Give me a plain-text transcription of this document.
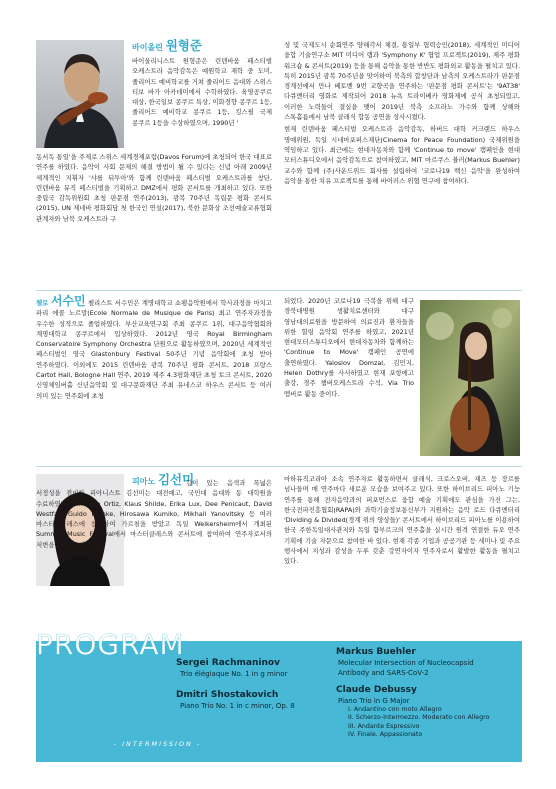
바이올린 원형준

바이올리니스트 원형준은 린덴바움 페스티벌 오케스트라 음악감독은 예원학교 재학 중 도미, 줄리어드 예비학교를 거쳐 줄리어드 음대와 스위스 티보 바가 아카데미에서 수학하였다. 육영공쿠르 대상, 한국일보 콩쿠르 특상, 이화경향 콩쿠르 1등, 줄리어드 예비학교 콩쿠르 1등, 킹스필 국제 콩쿠르 1등을 수상하였으며, 1990년 '

동서독 통일'을 주제로 스위스 세계경제포럼(Davos Forum)에 초청되어 한국 대표로 연주를 하였다. 음악이 사회 문제의 해결 방법이 될 수 있다는 신념 아래 2009년 세계적인 지휘자 '샤를 뒤투아'와 함께 린덴바움 페스티벌 오케스트라를 창단, 린덴바움 뮤직 페스티벌을 기획하고 DMZ에서 평화 콘서트를 개최하고 있다. 또한 중립국 감독위원회 초청 판문점 연주(2013), 광복 70주년 독립문 평화 콘서트(2015), UN 제네바 평화회담 첫 한국인 연설(2017), 북한 문화상 조선예술교류협회 관계자와 남북 오케스트라 구

성 및 국제도시 순회연주 양해각서 체결, 통일부 협력승인(2018), 세계적인 미디어 융합 기술연구소 MIT 미디어 랩과 'Symphony K' 협업 프로젝트(2019), 제주 평화 워크숍 & 콘서트(2019) 등을 통해 음악을 통한 반반도 평화외교 활동을 펼치고 있다. 특히 2015년 광복 70주년을 맞이하여 북측의 합창단과 남측의 오케스트라가 판문점 경계선에서 만나 베토벤 9번 교향곡을 연주하는 '판문점 평화 콘서트'는 '9AT38' 다큐멘터리 영화로 제작되어 2018 뉴욕 트라이베카 영화제에 공식 초청되었고, 이러한 노력들이 결실을 맺어 2019년 북측 소프라노 가수와 함께 상해와 스톡홀름에서 남북 클래식 합동 공연을 성사시켰다.

현재 린덴바움 페스티벌 오케스트라 음악감독, 하버드 대학 커크랜드 하우스 명예위원, 독일 시네마포퍼스재단(Cinema for Peace Foundation) 국제위원을 역임하고 있다. 최근에는 현대자동차와 함께 'Continue to move' 캠페인을 현대 모터스튜디오에서 음악감독으로 참여하였고, MIT 마르쿠스 뷸러(Markus Buehler) 교수와 함께 (주)사운드위드 회사를 설립하여 '코로나19 백신 음악'을 완성하여 음악을 통한 치유 프로젝트를 통해 바이러스 위협 연구에 참여하다.

첼로 서수민 첼리스트 서수민은 계명대학교 쇼팽음악원에서 학사과정을 마치고 파리 에콜 노르말(Ecole Normale de Musique de Paris) 최고 연주자과정을 우수한 성적으로 졸업하였다. 부산교육연구회 주최 콩쿠르 1위, 대구음악협회와 계명대학교 콩쿠르에서 입상하였다. 2012년 영국 Royal Birmingham Conservatoire Symphony Orchestra 단원으로 활동하였으며, 2020년 세계적인 페스티벌인 영국 Glastonbury Festival 50주년 기념 음악회에 초청 받아 연주하였다. 이외에도 2015 린덴바움 광복 70주년 평화 콘서트, 2018 프랑스 Cartot Hall, Bologne Hall 연주, 2019 제주 4.3평화재단 초청 토크 콘서트, 2020 신영체임버홀 신년음악회 및 대구문화재단 주최 유네스코 하우스 콘서트 등 여러 의미 있는 연주회에 초청

되었다. 2020년 코로나19 극복을 위해 대구 경북대병원 생활치료센터와 대구 영남대의료원을 방문하여 의료진과 환자들을 위한 힐링 음악회 연주를 하였고, 2021년 현대모터스튜디오에서 현대자동차와 함께하는 'Continue to Move' 캠페인 공연에 출연하였다. Yaloslov Domzal, 김민지, Helen Dothry를 사사하였고 현재 포항에고 출강, 경주 챔버오케스트라 수석, Via Trio 멤버로 활동 중이다.

피아노 김선미

깊이 있는 음색과 폭넓은 서정성을 겸비한 피아니스트 김선미는 대전예고, 국민대 음대와 동 대학원을 수료하였다. Christina Ortiz, Klaus Shilde, Erika Lux, Dee Penicaut, David Westfall, Guido Heinke, Hirosawa Kumiko, Mikhail Yanovitsky 등 여러 마스터 클래스에 참가하여 가르침을 받았고 독일 Weikersheim에서 개최된 Summer Music Festival에서 마스터클래스와 콘서트에 참여하여 연주자로서의 저변을 넓혔다. 야

마하뮤직코리아 소속 연주자로 활동하면서 클래식, 크로스오버, 재즈 등 장르를 넘나들며 매 연주마다 새로운 모습을 보여주고 있다. 또한 하이브리드 피아노 기능 연주를 통해 전자음악과의 퍼포먼스로 융합 예술 기획에도 관심을 가진 그는, 한국전파진흥협회(RAPA)와 과학기술정보통신부가 지원하는 음악 로드 다큐멘터리 'Dividing & Divided(경계 위의 양상들)' 콘서트에서 하이브리드 피아노를 이용하여 한국 주한독일대사관저와 독일 함부르크의 연주홀을 실시간 원격 연결한 듀오 연주 기획에 기술 자문으로 참여한 바 있다. 현재 각종 기업과 공공기관 등 세미나 및 주요 행사에서 지성과 감성을 두루 갖춘 강연자이자 연주자로서 활발한 활동을 펼치고 있다.

Sergei Rachmaninov
Trio élégiaque No. 1 in g minor
Dmitri Shostakovich
Piano Trio No. 1 in c minor, Op. 8
- INTERMISSION -
Markus Buehler
Molecular Intersection of Nucleocapsid Antibody and SARS-CoV-2
Claude Debussy
Piano Trio in G Major
I. Andantino con moto Allegro
II. Scherzo-Intermezzo. Moderato con Allegro
III. Andante Espressivo
IV. Finale. Appassionato
PROGRAM
